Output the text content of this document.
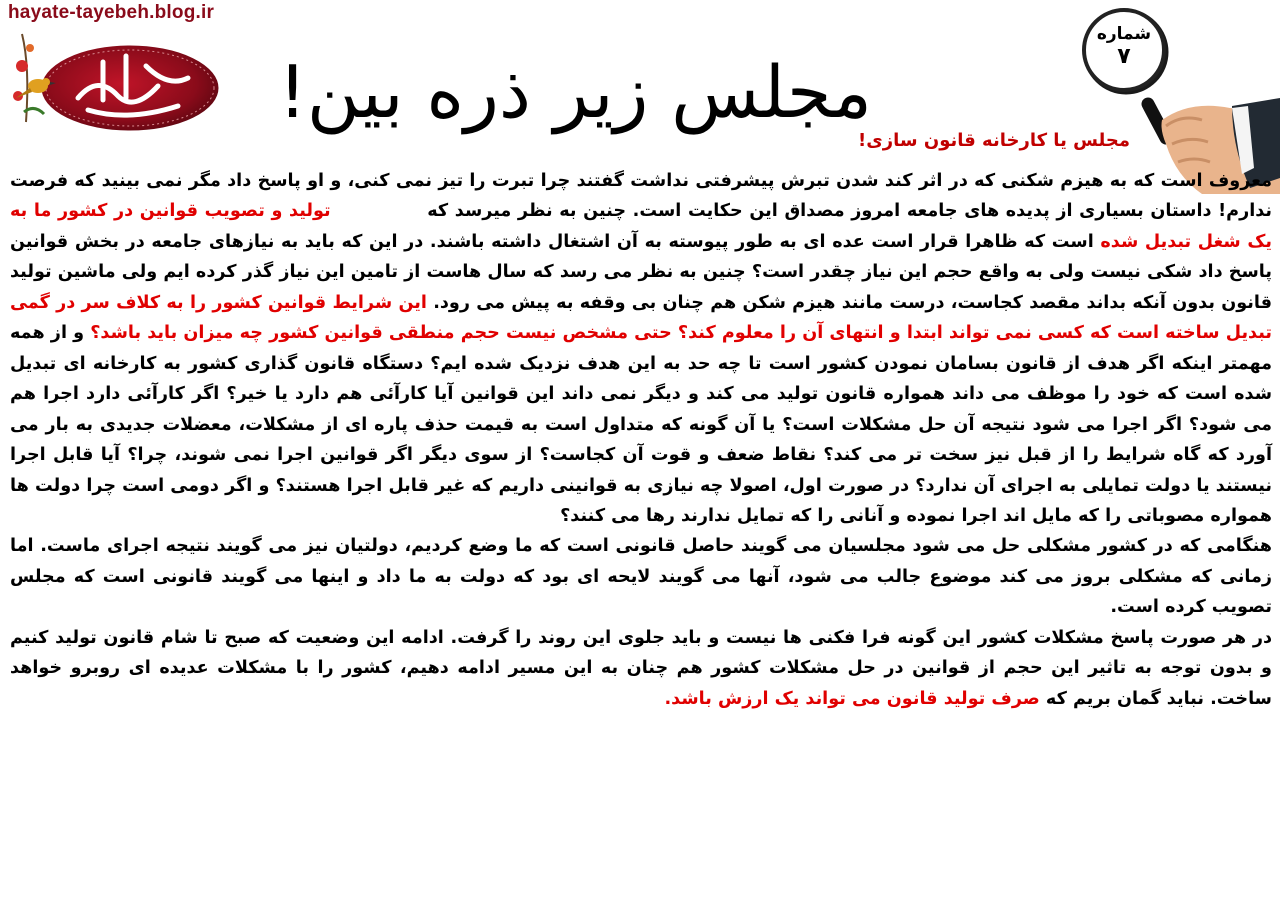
hayate-tayebeh.blog.ir
مجلس زیر ذره بین!
شماره
۷
مجلس یا کارخانه قانون سازی!

معروف است که به هیزم شکنی که در اثر کند شدن تبرش پیشرفتی نداشت گفتند چرا تبرت را تیز نمی کنی، و او پاسخ داد مگر نمی بینید که فرصت ندارم! داستان بسیاری از پدیده های جامعه امروز مصداق این حکایت است. چنین به نظر میرسد که تولید و تصویب قوانین در کشور ما به یک شغل تبدیل شده است که ظاهرا قرار است عده ای به طور پیوسته به آن اشتغال داشته باشند. در این که باید به نیازهای جامعه در بخش قوانین پاسخ داد شکی نیست ولی به واقع حجم این نیاز چقدر است؟ چنین به نظر می رسد که سال هاست از تامین این نیاز گذر کرده ایم ولی ماشین تولید قانون بدون آنکه بداند مقصد کجاست، درست مانند هیزم شکن هم چنان بی وقفه به پیش می رود. این شرایط قوانین کشور را به کلاف سر در گمی تبدیل ساخته است که کسی نمی تواند ابتدا و انتهای آن را معلوم کند؟ حتی مشخص نیست حجم منطقی قوانین کشور چه میزان باید باشد؟ و از همه مهمتر اینکه اگر هدف از قانون بسامان نمودن کشور است تا چه حد به این هدف نزدیک شده ایم؟ دستگاه قانون گذاری کشور به کارخانه ای تبدیل شده است که خود را موظف می داند همواره قانون تولید می کند و دیگر نمی داند این قوانین آیا کارآئی هم دارد یا خیر؟ اگر کارآئی دارد اجرا هم می شود؟ اگر اجرا می شود نتیجه آن حل مشکلات است؟ یا آن گونه که متداول است به قیمت حذف پاره ای از مشکلات، معضلات جدیدی به بار می آورد که گاه شرایط را از قبل نیز سخت تر می کند؟ نقاط ضعف و قوت آن کجاست؟ از سوی دیگر اگر قوانین اجرا نمی شوند، چرا؟ آیا قابل اجرا نیستند یا دولت تمایلی به اجرای آن ندارد؟ در صورت اول، اصولا چه نیازی به قوانینی داریم که غیر قابل اجرا هستند؟ و اگر دومی است چرا دولت ها همواره مصوباتی را که مایل اند اجرا نموده و آنانی را که تمایل ندارند رها می کنند؟

هنگامی که در کشور مشکلی حل می شود مجلسیان می گویند حاصل قانونی است که ما وضع کردیم، دولتیان نیز می گویند نتیجه اجرای ماست. اما زمانی که مشکلی بروز می کند موضوع جالب می شود، آنها می گویند لایحه ای بود که دولت به ما داد و اینها می گویند قانونی است که مجلس تصویب کرده است.

در هر صورت پاسخ مشکلات کشور این گونه فرا فکنی ها نیست و باید جلوی این روند را گرفت. ادامه این وضعیت که صبح تا شام قانون تولید کنیم و بدون توجه به تاثیر این حجم از قوانین در حل مشکلات کشور هم چنان به این مسیر ادامه دهیم، کشور را با مشکلات عدیده ای روبرو خواهد ساخت. نباید گمان بریم که صرف تولید قانون می تواند یک ارزش باشد.
